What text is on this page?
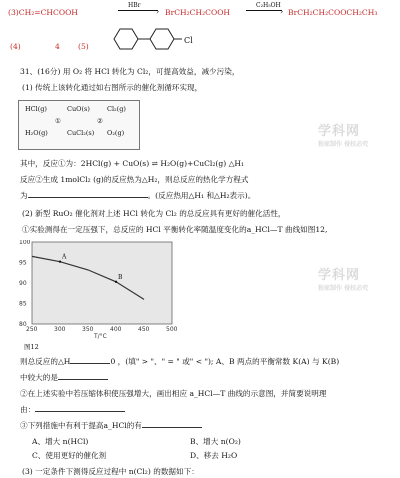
(3)CH₂=CHCOOH
HBr
› BrCH₂CH₂COOH
C₂H₅OH
› BrCH₂CH₂COOCH₂CH₃
(4)	4 (5)
Cl
31、(16分) 用 O₂ 将 HCl 转化为 Cl₂，可提高效益，减少污染，
(1) 传统上该转化通过如右图所示的催化剂循环实现，
HCl(g)
H₂O(g)
CuO(s)
CuCl₂(s)
Cl₂(g)
O₂(g)
①	②
其中，反应①为：2HCl(g) + CuO(s) ⇌ H₂O(g)+CuCl₂(g) △H₁
反应②生成 1molCl₂ (g)的反应热为△H₂，则总反应的热化学方程式
为	。(反应热用△H₁ 和△H₂表示)。
(2) 新型 RuO₂ 催化剂对上述 HCl 转化为 Cl₂ 的总反应具有更好的催化活性，
①实验测得在一定压强下，总反应的 HCl 平衡转化率随温度变化的a_HCl—T 曲线如图12,
250	300	350	400	450	500
80
85
90
95
100
T/°C
A
B
图12
学科网
独家制作 侵权必究
学科网
独家制作 侵权必究
则总反应的△H	0 ，(填" > "、" = " 或" < "); A、B 两点的平衡常数 K(A) 与 K(B)
中较大的是
②在上述实验中若压缩体积使压强增大，画出相应 a_HCl—T 曲线的示意图，并简要说明理
由：
③下列措施中有利于提高a_HCl的有
A、增大 n(HCl)	B、增大 n(O₂)
C、使用更好的催化剂	D、移去 H₂O
(3) 一定条件下测得反应过程中 n(Cl₂) 的数据如下：
